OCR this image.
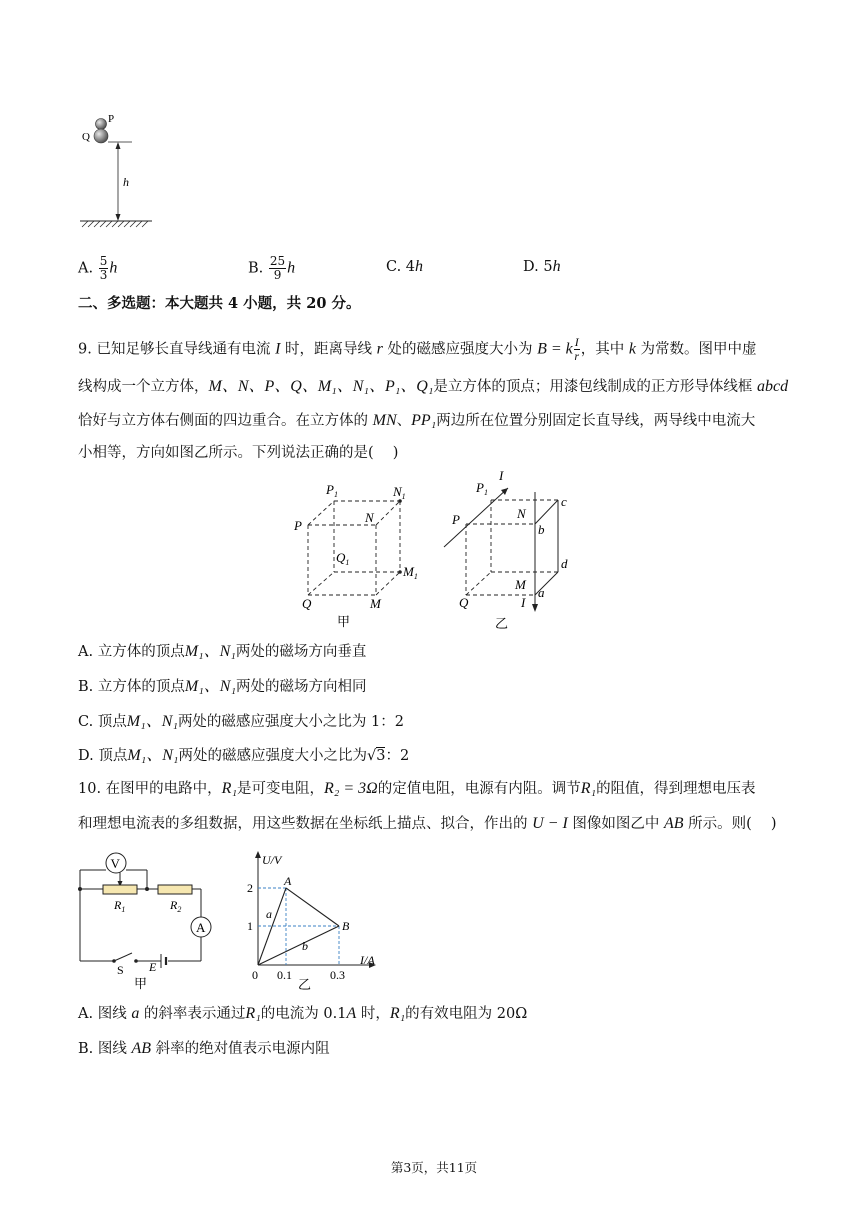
P
Q
h
A. $\frac{5}{3}$ h	B. $\frac{25}{9}$ h	C. 4h	D. 5h
二、多选题：本大题共 4 小题，共 20 分。
9. 已知足够长直导线通有电流 I 时，距离导线 r 处的磁感应强度大小为 B = k $\frac{I}{r}$ ，其中 k 为常数。图甲中虚
线构成一个立方体，M、N、P、Q、M₁、N₁、P₁、Q₁是立方体的顶点；用漆包线制成的正方形导体线框 abcd
恰好与立方体右侧面的四边重合。在立方体的 MN、PP₁两边所在位置分别固定长直导线，两导线中电流大
小相等，方向如图乙所示。下列说法正确的是(　 )
$P_1$	$N_1$
P
N
$Q_1$
$M_1$
Q	M
甲
I
$P_1$
N
c
P
b
d
M
Q	I
a
乙
A. 立方体的顶点M₁、N₁两处的磁场方向垂直
B. 立方体的顶点M₁、N₁两处的磁场方向相同
C. 顶点M₁、N₁两处的磁感应强度大小之比为 1：2
D. 顶点M₁、N₁两处的磁感应强度大小之比为√3：2
10. 在图甲的电路中，R₁是可变电阻，R₂ = 3Ω的定值电阻，电源有内阻。调节R₁的阻值，得到理想电压表
和理想电流表的多组数据，用这些数据在坐标纸上描点、拟合，作出的 U − I 图像如图乙中 AB 所示。则(　 )
V
A
$R_1$	$R_2$
E
S
甲
U/V
I/A
2
1
0 0.1	0.3
A
B
a
b
乙
A. 图线 a 的斜率表示通过R₁的电流为 0.1A 时，R₁的有效电阻为 20Ω
B. 图线 AB 斜率的绝对值表示电源内阻
第3页，共11页
